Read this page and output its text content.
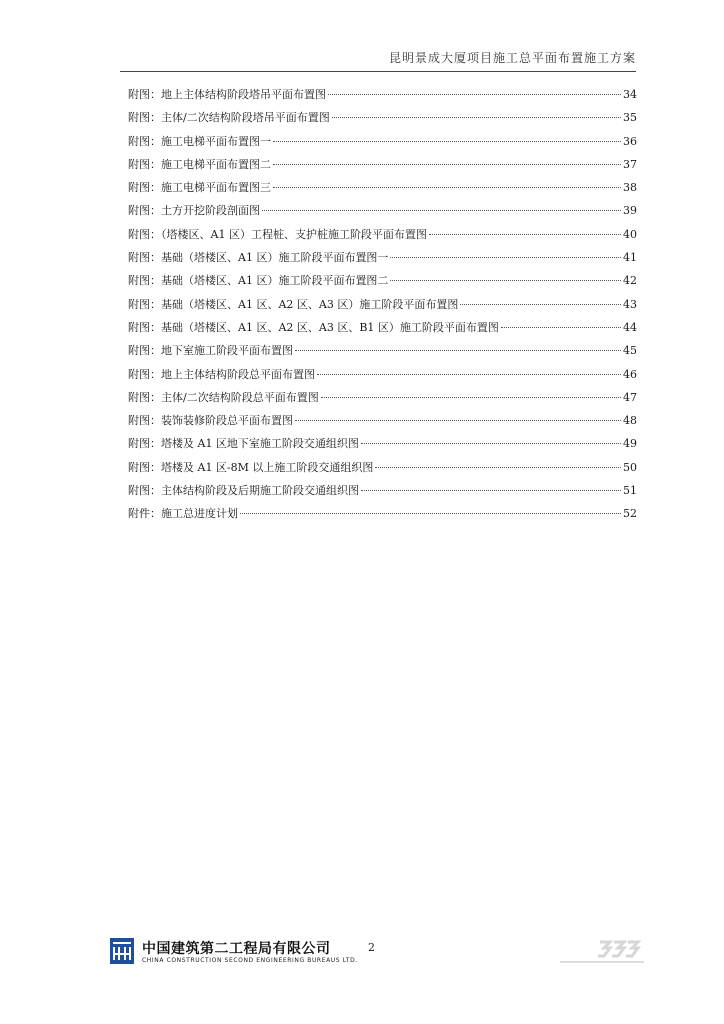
昆明景成大厦项目施工总平面布置施工方案
附图：地上主体结构阶段塔吊平面布置图	34
附图：主体/二次结构阶段塔吊平面布置图	35
附图：施工电梯平面布置图一	36
附图：施工电梯平面布置图二	37
附图：施工电梯平面布置图三	38
附图：土方开挖阶段剖面图	39
附图：（塔楼区、A1 区）工程桩、支护桩施工阶段平面布置图	40
附图：基础（塔楼区、A1 区）施工阶段平面布置图一	41
附图：基础（塔楼区、A1 区）施工阶段平面布置图二	42
附图：基础（塔楼区、A1 区、A2 区、A3 区）施工阶段平面布置图	43
附图：基础（塔楼区、A1 区、A2 区、A3 区、B1 区）施工阶段平面布置图	44
附图：地下室施工阶段平面布置图	45
附图：地上主体结构阶段总平面布置图	46
附图：主体/二次结构阶段总平面布置图	47
附图：装饰装修阶段总平面布置图	48
附图：塔楼及 A1 区地下室施工阶段交通组织图	49
附图：塔楼及 A1 区-8M 以上施工阶段交通组织图	50
附图：主体结构阶段及后期施工阶段交通组织图	51
附件：施工总进度计划	52
中国建筑第二工程局有限公司
CHINA CONSTRUCTION SECOND ENGINEERING BUREAUS LTD.
2
